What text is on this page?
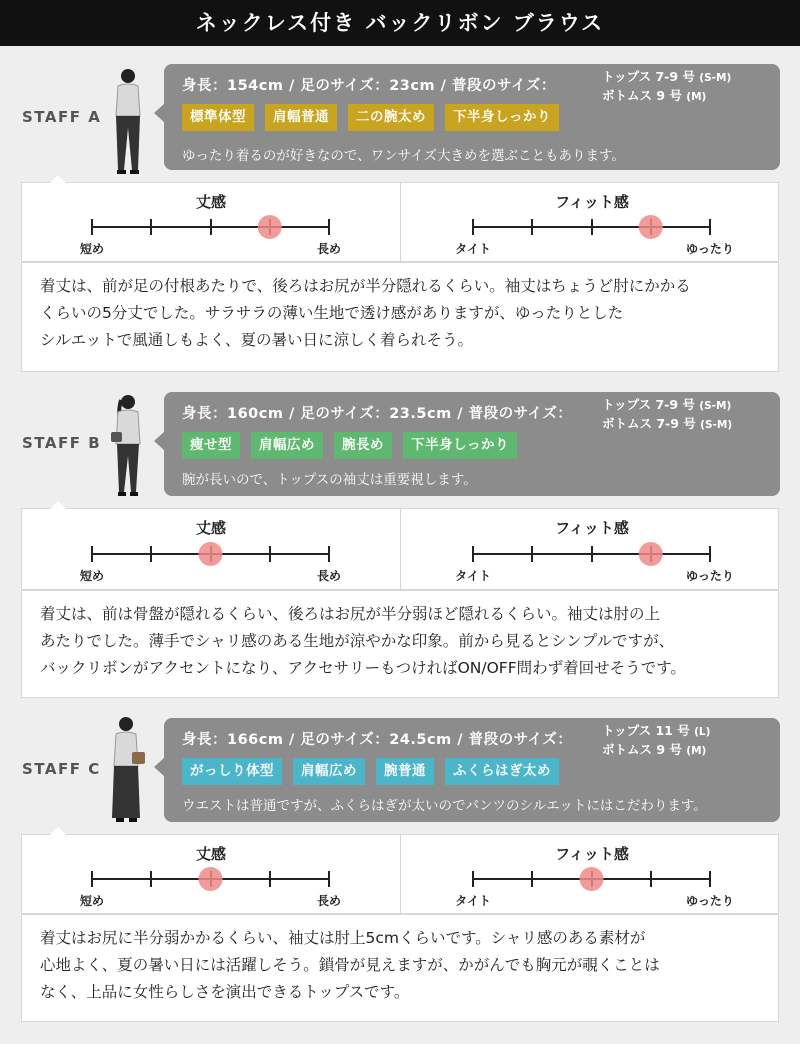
ネックレス付き バックリボン ブラウス
STAFF A
身長：154cm / 足のサイズ：23cm / 普段のサイズ：
トップス 7-9 号 (S-M)
ボトムス 9 号 (M)
標準体型	肩幅普通	二の腕太め	下半身しっかり
ゆったり着るのが好きなので、ワンサイズ大きめを選ぶこともあります。
丈感
短め	長め
フィット感
タイト	ゆったり
着丈は、前が足の付根あたりで、後ろはお尻が半分隠れるくらい。袖丈はちょうど肘にかかる
くらいの5分丈でした。サラサラの薄い生地で透け感がありますが、ゆったりとした
シルエットで風通しもよく、夏の暑い日に涼しく着られそう。
STAFF B
身長：160cm / 足のサイズ：23.5cm / 普段のサイズ：
トップス 7-9 号 (S-M)
ボトムス 7-9 号 (S-M)
痩せ型	肩幅広め	腕長め	下半身しっかり
腕が長いので、トップスの袖丈は重要視します。
丈感
短め	長め
フィット感
タイト	ゆったり
着丈は、前は骨盤が隠れるくらい、後ろはお尻が半分弱ほど隠れるくらい。袖丈は肘の上
あたりでした。薄手でシャリ感のある生地が涼やかな印象。前から見るとシンプルですが、
バックリボンがアクセントになり、アクセサリーもつければON/OFF問わず着回せそうです。
STAFF C
身長：166cm / 足のサイズ：24.5cm / 普段のサイズ：
トップス 11 号 (L)
ボトムス 9 号 (M)
がっしり体型	肩幅広め	腕普通	ふくらはぎ太め
ウエストは普通ですが、ふくらはぎが太いのでパンツのシルエットにはこだわります。
丈感
短め	長め
フィット感
タイト	ゆったり
着丈はお尻に半分弱かかるくらい、袖丈は肘上5cmくらいです。シャリ感のある素材が
心地よく、夏の暑い日には活躍しそう。鎖骨が見えますが、かがんでも胸元が覗くことは
なく、上品に女性らしさを演出できるトップスです。
